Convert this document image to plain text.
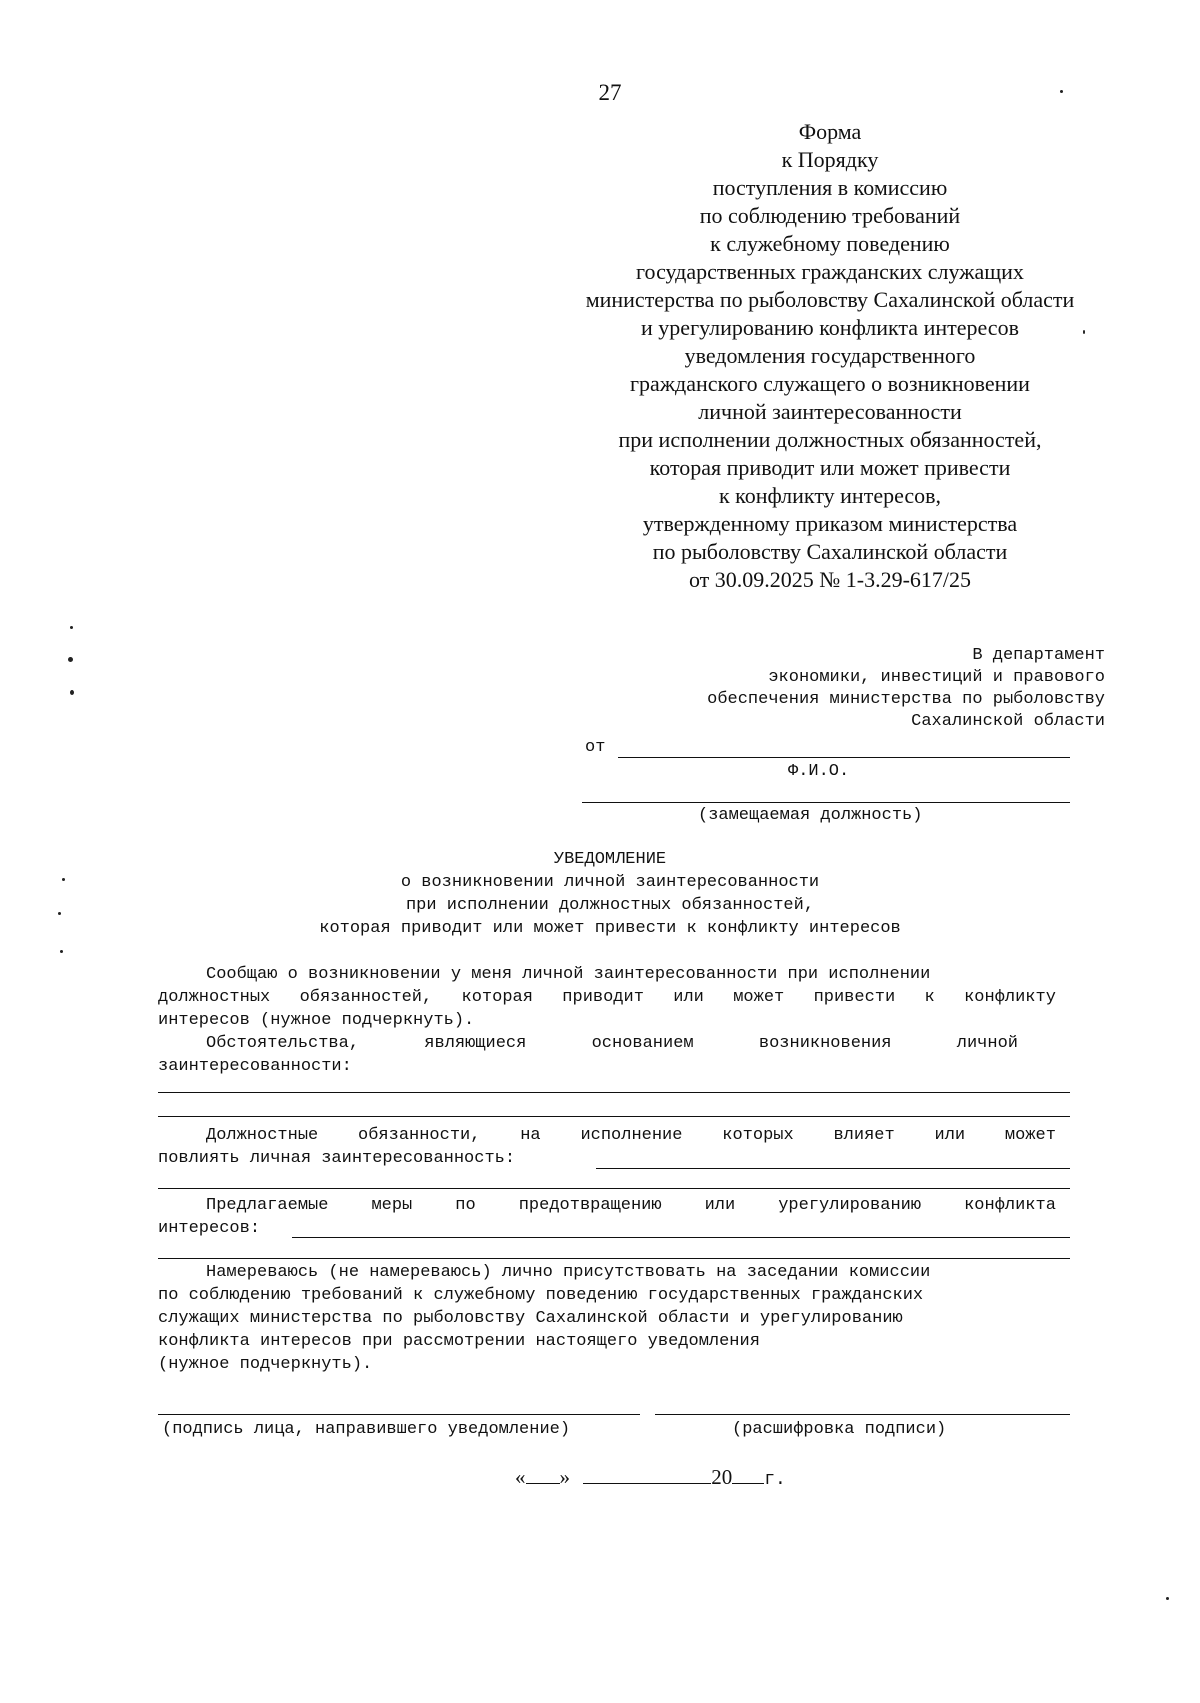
27
Форма
к Порядку
поступления в комиссию
по соблюдению требований
к служебному поведению
государственных гражданских служащих
министерства по рыболовству Сахалинской области
и урегулированию конфликта интересов
уведомления государственного
гражданского служащего о возникновении
личной заинтересованности
при исполнении должностных обязанностей,
которая приводит или может привести
к конфликту интересов,
утвержденному приказом министерства
по рыболовству Сахалинской области
от 30.09.2025 № 1-3.29-617/25
В департамент
экономики, инвестиций и правового
обеспечения министерства по рыболовству
Сахалинской области
от
Ф.И.О.
(замещаемая должность)
УВЕДОМЛЕНИЕ
о возникновении личной заинтересованности
при исполнении должностных обязанностей,
которая приводит или может привести к конфликту интересов
Сообщаю о возникновении у меня личной заинтересованности при исполнении
должностных обязанностей, которая приводит или может привести к конфликту
интересов (нужное подчеркнуть).
Обстоятельства,	являющиеся	основанием	возникновения	личной
заинтересованности:
Должностные обязанности, на исполнение которых влияет или может
повлиять личная заинтересованность:
Предлагаемые	меры	по	предотвращению	или	урегулированию	конфликта
интересов:
Намереваюсь (не намереваюсь) лично присутствовать на заседании комиссии
по соблюдению требований к служебному поведению государственных гражданских
служащих министерства по рыболовству Сахалинской области и урегулированию
конфликта интересов при рассмотрении настоящего уведомления
(нужное подчеркнуть).
(подпись лица, направившего уведомление)	(расшифровка подписи)
« »	20 г.
